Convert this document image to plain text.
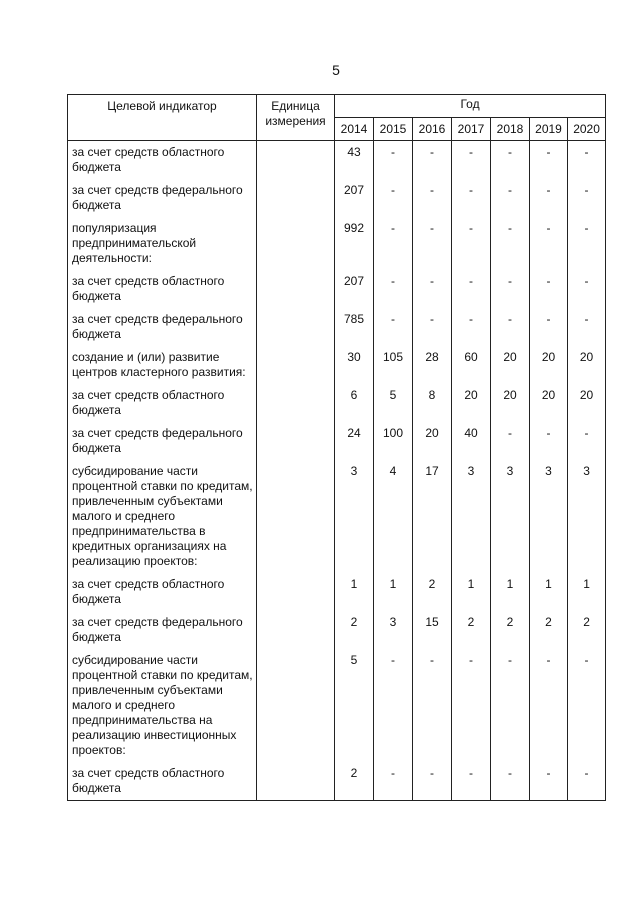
5
Целевой индикатор	Единица измерения	Год						
		2014	2015	2016	2017	2018	2019	2020
за счет средств областного бюджета		43	-	-	-	-	-	-
за счет средств федерального бюджета		207	-	-	-	-	-	-
популяризация предпринимательской деятельности:		992	-	-	-	-	-	-
за счет средств областного бюджета		207	-	-	-	-	-	-
за счет средств федерального бюджета		785	-	-	-	-	-	-
создание и (или) развитие центров кластерного развития:		30	105	28	60	20	20	20
за счет средств областного бюджета		6	5	8	20	20	20	20
за счет средств федерального бюджета		24	100	20	40	-	-	-
субсидирование части процентной ставки по кредитам, привлеченным субъектами малого и среднего предпринимательства в кредитных организациях на реализацию проектов:		3	4	17	3	3	3	3
за счет средств областного бюджета		1	1	2	1	1	1	1
за счет средств федерального бюджета		2	3	15	2	2	2	2
субсидирование части процентной ставки по кредитам, привлеченным субъектами малого и среднего предпринимательства на реализацию инвестиционных проектов:		5	-	-	-	-	-	-
за счет средств областного бюджета		2	-	-	-	-	-	-
